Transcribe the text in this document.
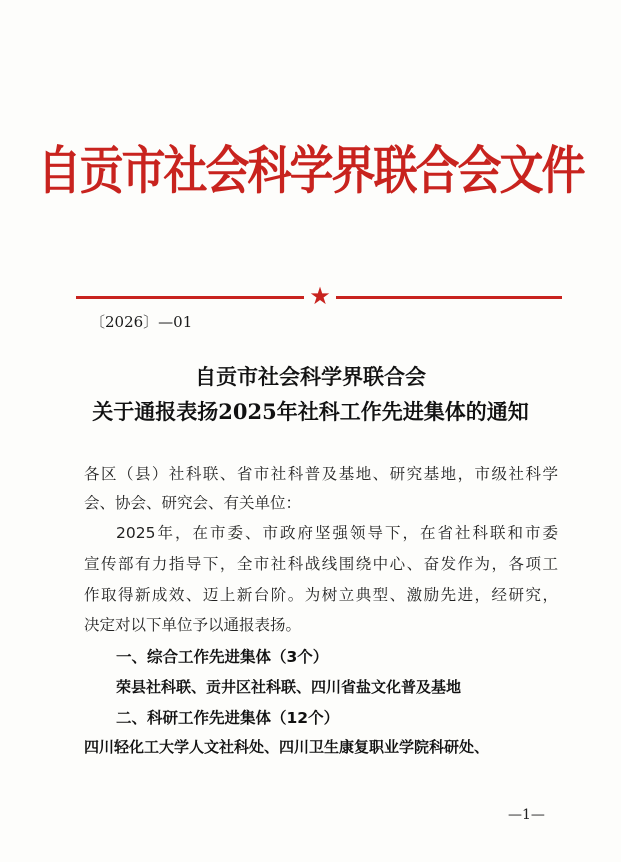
自贡市社会科学界联合会文件
★
〔2026〕—01
自贡市社会科学界联合会
关于通报表扬2025年社科工作先进集体的通知
各区（县）社科联、省市社科普及基地、研究基地，市级社科学
会、协会、研究会、有关单位：
2025年，在市委、市政府坚强领导下，在省社科联和市委
宣传部有力指导下，全市社科战线围绕中心、奋发作为，各项工
作取得新成效、迈上新台阶。为树立典型、激励先进，经研究，
决定对以下单位予以通报表扬。
一、综合工作先进集体（3个）
荣县社科联、贡井区社科联、四川省盐文化普及基地
二、科研工作先进集体（12个）
四川轻化工大学人文社科处、四川卫生康复职业学院科研处、
—1—
